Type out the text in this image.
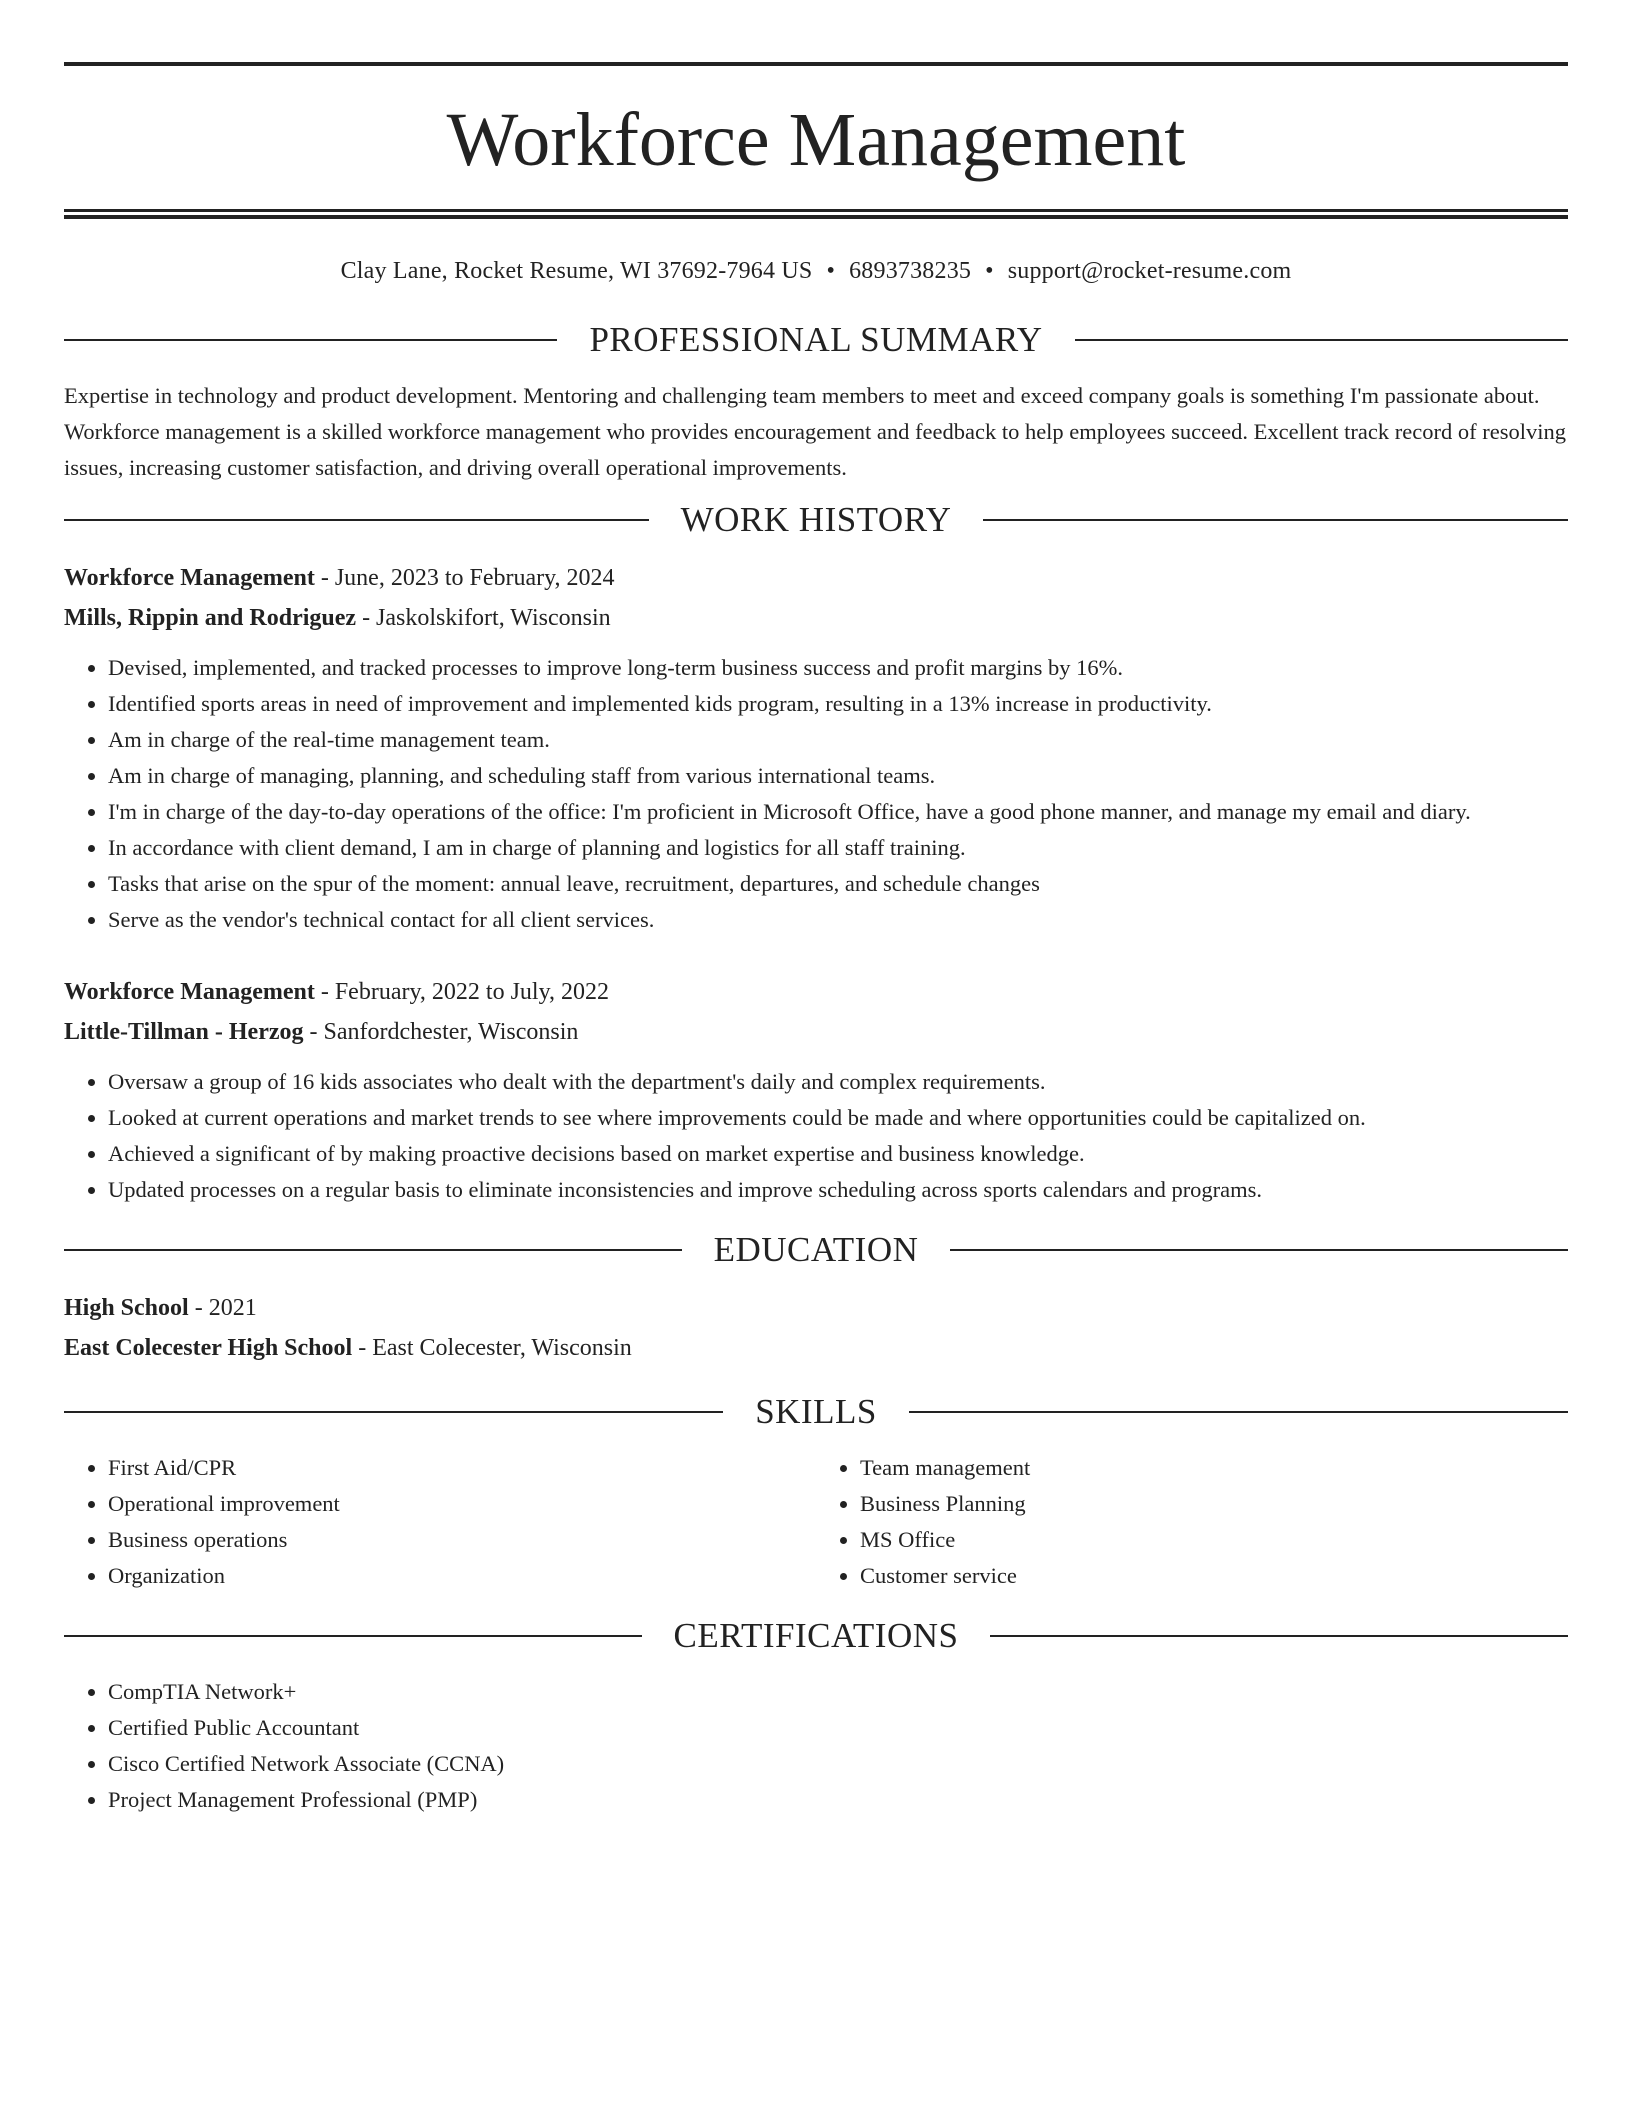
Workforce Management
Clay Lane, Rocket Resume, WI 37692-7964 US • 6893738235 • support@rocket-resume.com
PROFESSIONAL SUMMARY

Expertise in technology and product development. Mentoring and challenging team members to meet and exceed company goals is something I'm passionate about. Workforce management is a skilled workforce management who provides encouragement and feedback to help employees succeed. Excellent track record of resolving issues, increasing customer satisfaction, and driving overall operational improvements.

WORK HISTORY
Workforce Management - June, 2023 to February, 2024
Mills, Rippin and Rodriguez - Jaskolskifort, Wisconsin
• Devised, implemented, and tracked processes to improve long-term business success and profit margins by 16%.
• Identified sports areas in need of improvement and implemented kids program, resulting in a 13% increase in productivity.
• Am in charge of the real-time management team.
• Am in charge of managing, planning, and scheduling staff from various international teams.
• I'm in charge of the day-to-day operations of the office: I'm proficient in Microsoft Office, have a good phone manner, and manage my email and diary.
• In accordance with client demand, I am in charge of planning and logistics for all staff training.
• Tasks that arise on the spur of the moment: annual leave, recruitment, departures, and schedule changes
• Serve as the vendor's technical contact for all client services.
Workforce Management - February, 2022 to July, 2022
Little-Tillman - Herzog - Sanfordchester, Wisconsin
• Oversaw a group of 16 kids associates who dealt with the department's daily and complex requirements.
• Looked at current operations and market trends to see where improvements could be made and where opportunities could be capitalized on.
• Achieved a significant of by making proactive decisions based on market expertise and business knowledge.
• Updated processes on a regular basis to eliminate inconsistencies and improve scheduling across sports calendars and programs.
EDUCATION
High School - 2021
East Colecester High School - East Colecester, Wisconsin
SKILLS
• First Aid/CPR
• Operational improvement
• Business operations
• Organization
• Team management
• Business Planning
• MS Office
• Customer service
CERTIFICATIONS
• CompTIA Network+
• Certified Public Accountant
• Cisco Certified Network Associate (CCNA)
• Project Management Professional (PMP)
